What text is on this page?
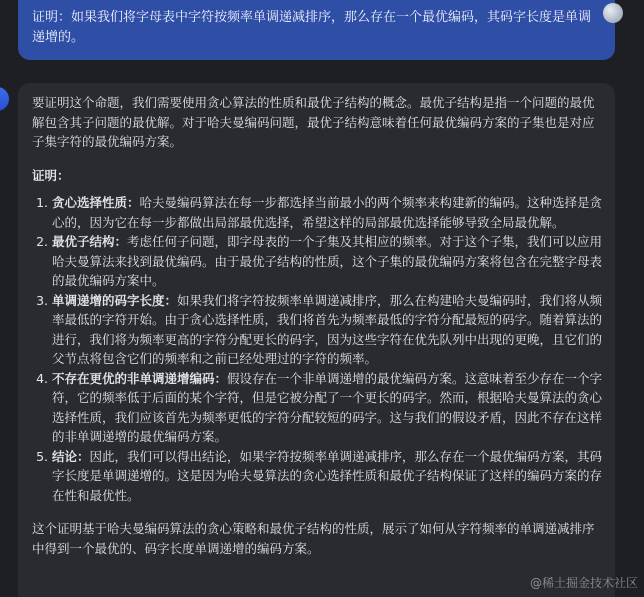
证明：如果我们将字母表中字符按频率单调递减排序，那么存在一个最优编码，其码字长度是单调递增的。

要证明这个命题，我们需要使用贪心算法的性质和最优子结构的概念。最优子结构是指一个问题的最优解包含其子问题的最优解。对于哈夫曼编码问题，最优子结构意味着任何最优编码方案的子集也是对应子集字符的最优编码方案。

证明：

1. 贪心选择性质：哈夫曼编码算法在每一步都选择当前最小的两个频率来构建新的编码。这种选择是贪心的，因为它在每一步都做出局部最优选择，希望这样的局部最优选择能够导致全局最优解。
2. 最优子结构：考虑任何子问题，即字母表的一个子集及其相应的频率。对于这个子集，我们可以应用哈夫曼算法来找到最优编码。由于最优子结构的性质，这个子集的最优编码方案将包含在完整字母表的最优编码方案中。
3. 单调递增的码字长度：如果我们将字符按频率单调递减排序，那么在构建哈夫曼编码时，我们将从频率最低的字符开始。由于贪心选择性质，我们将首先为频率最低的字符分配最短的码字。随着算法的进行，我们将为频率更高的字符分配更长的码字，因为这些字符在优先队列中出现的更晚，且它们的父节点将包含它们的频率和之前已经处理过的字符的频率。
4. 不存在更优的非单调递增编码：假设存在一个非单调递增的最优编码方案。这意味着至少存在一个字符，它的频率低于后面的某个字符，但是它被分配了一个更长的码字。然而，根据哈夫曼算法的贪心选择性质，我们应该首先为频率更低的字符分配较短的码字。这与我们的假设矛盾，因此不存在这样的非单调递增的最优编码方案。
5. 结论：因此，我们可以得出结论，如果字符按频率单调递减排序，那么存在一个最优编码方案，其码字长度是单调递增的。这是因为哈夫曼算法的贪心选择性质和最优子结构保证了这样的编码方案的存在性和最优性。

这个证明基于哈夫曼编码算法的贪心策略和最优子结构的性质，展示了如何从字符频率的单调递减排序中得到一个最优的、码字长度单调递增的编码方案。

@稀土掘金技术社区
